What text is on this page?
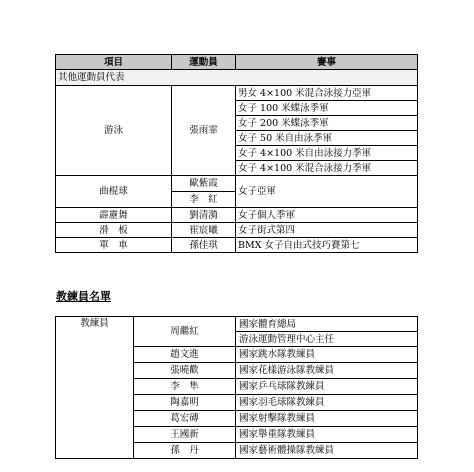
項目	運動員	賽事
其他運動員代表		
游泳	張雨霏	男女 4×100 米混合泳接力亞軍
		女子 100 米蝶泳季軍
		女子 200 米蝶泳季軍
		女子 50 米自由泳季軍
		女子 4×100 米自由泳接力季軍
		女子 4×100 米混合泳接力季軍
曲棍球	歐紫霞	女子亞軍
	李　紅	
霹靂舞	劉清漪	女子個人季軍
滑　板	崔宸曦	女子街式第四
單　車	孫佳琪	BMX 女子自由式技巧賽第七
教練員名單
教練員	周繼紅	國家體育總局
		游泳運動管理中心主任
	趙文進	國家跳水隊教練員
	張曉歡	國家花樣游泳隊教練員
	李　隼	國家乒乓球隊教練員
	陶嘉明	國家羽毛球隊教練員
	葛宏磚	國家射擊隊教練員
	王國新	國家舉重隊教練員
	孫　丹	國家藝術體操隊教練員
